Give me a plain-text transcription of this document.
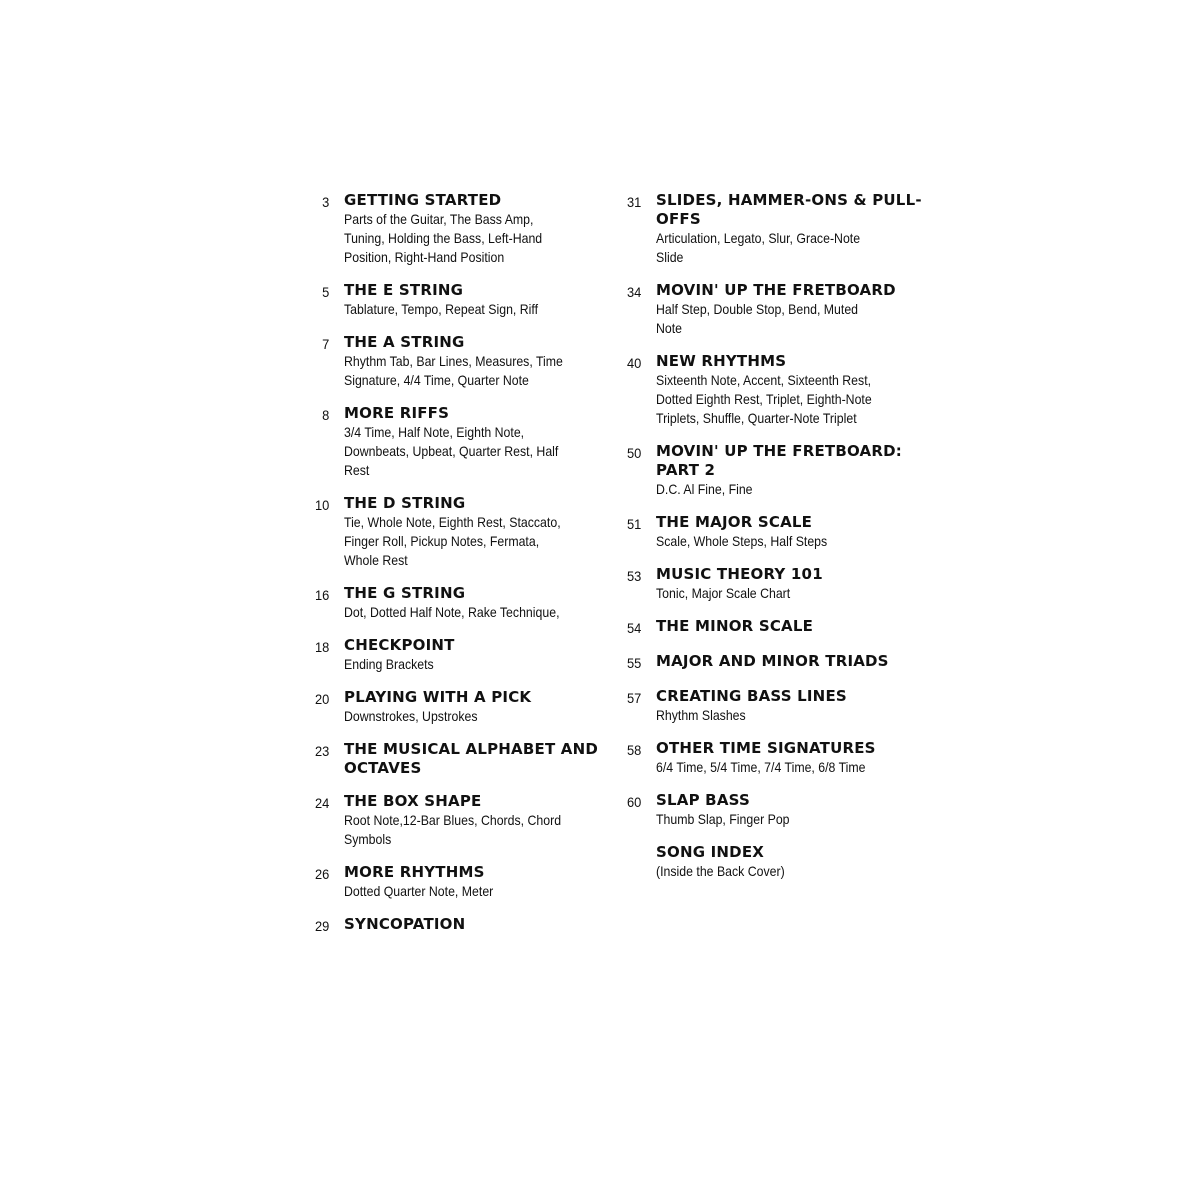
3 GETTING STARTED
Parts of the Guitar, The Bass Amp,
Tuning, Holding the Bass, Left-Hand
Position, Right-Hand Position
5 THE E STRING
Tablature, Tempo, Repeat Sign, Riff
7 THE A STRING
Rhythm Tab, Bar Lines, Measures, Time
Signature, 4/4 Time, Quarter Note
8 MORE RIFFS
3/4 Time, Half Note, Eighth Note,
Downbeats, Upbeat, Quarter Rest, Half
Rest
10 THE D STRING
Tie, Whole Note, Eighth Rest, Staccato,
Finger Roll, Pickup Notes, Fermata,
Whole Rest
16 THE G STRING
Dot, Dotted Half Note, Rake Technique,
18 CHECKPOINT
Ending Brackets
20 PLAYING WITH A PICK
Downstrokes, Upstrokes
23 THE MUSICAL ALPHABET AND OCTAVES
24 THE BOX SHAPE
Root Note,12-Bar Blues, Chords, Chord
Symbols
26 MORE RHYTHMS
Dotted Quarter Note, Meter
29 SYNCOPATION
31 SLIDES, HAMMER-ONS & PULL-OFFS
Articulation, Legato, Slur, Grace-Note
Slide
34 MOVIN' UP THE FRETBOARD
Half Step, Double Stop, Bend, Muted
Note
40 NEW RHYTHMS
Sixteenth Note, Accent, Sixteenth Rest,
Dotted Eighth Rest, Triplet, Eighth-Note
Triplets, Shuffle, Quarter-Note Triplet
50 MOVIN' UP THE FRETBOARD: PART 2
D.C. Al Fine, Fine
51 THE MAJOR SCALE
Scale, Whole Steps, Half Steps
53 MUSIC THEORY 101
Tonic, Major Scale Chart
54 THE MINOR SCALE
55 MAJOR AND MINOR TRIADS
57 CREATING BASS LINES
Rhythm Slashes
58 OTHER TIME SIGNATURES
6/4 Time, 5/4 Time, 7/4 Time, 6/8 Time
60 SLAP BASS
Thumb Slap, Finger Pop
SONG INDEX
(Inside the Back Cover)
